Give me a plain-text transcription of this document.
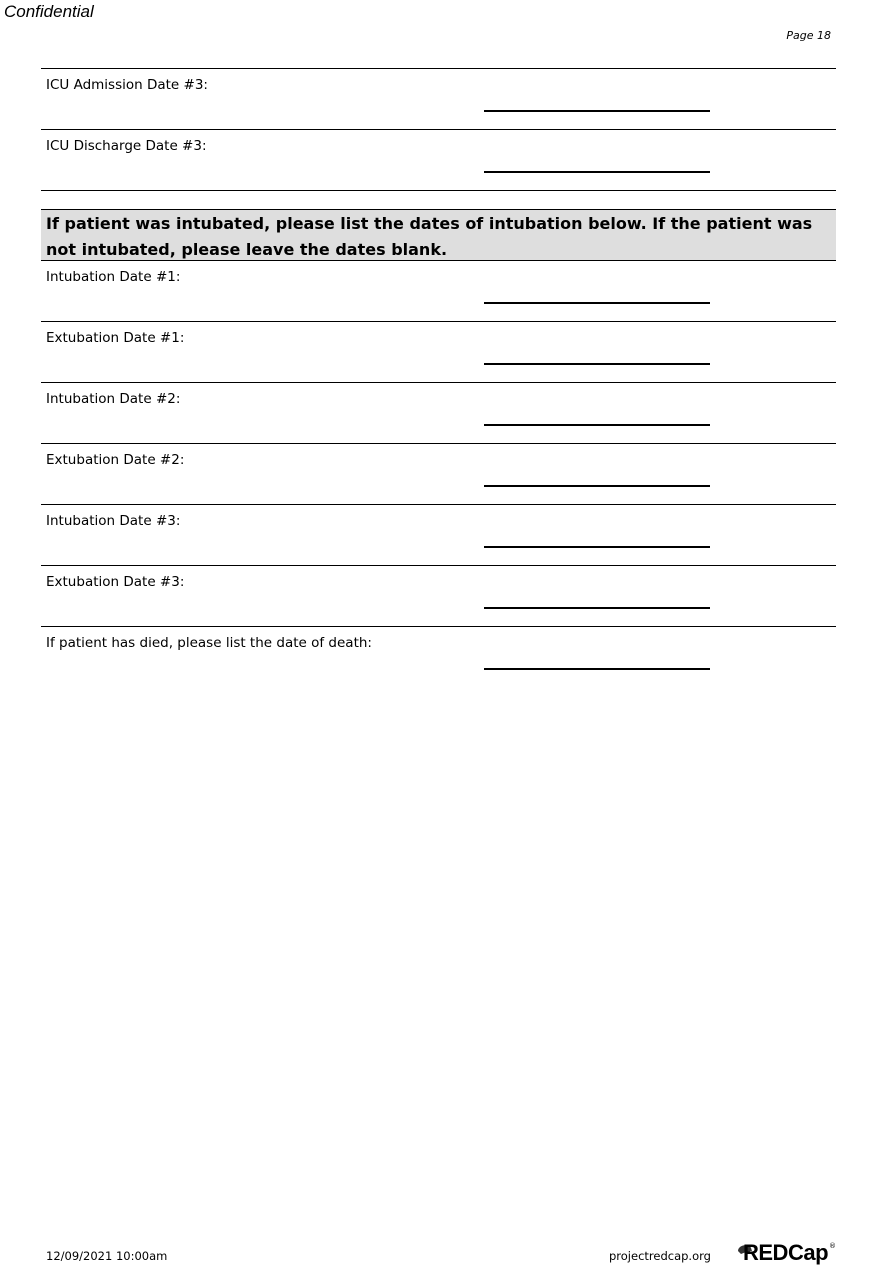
Confidential
Page 18
ICU Admission Date #3:
ICU Discharge Date #3:
If patient was intubated, please list the dates of intubation below. If the patient was not intubated, please leave the dates blank.
Intubation Date #1:
Extubation Date #1:
Intubation Date #2:
Extubation Date #2:
Intubation Date #3:
Extubation Date #3:
If patient has died, please list the date of death:
12/09/2021 10:00am	projectredcap.org REDCap ®
